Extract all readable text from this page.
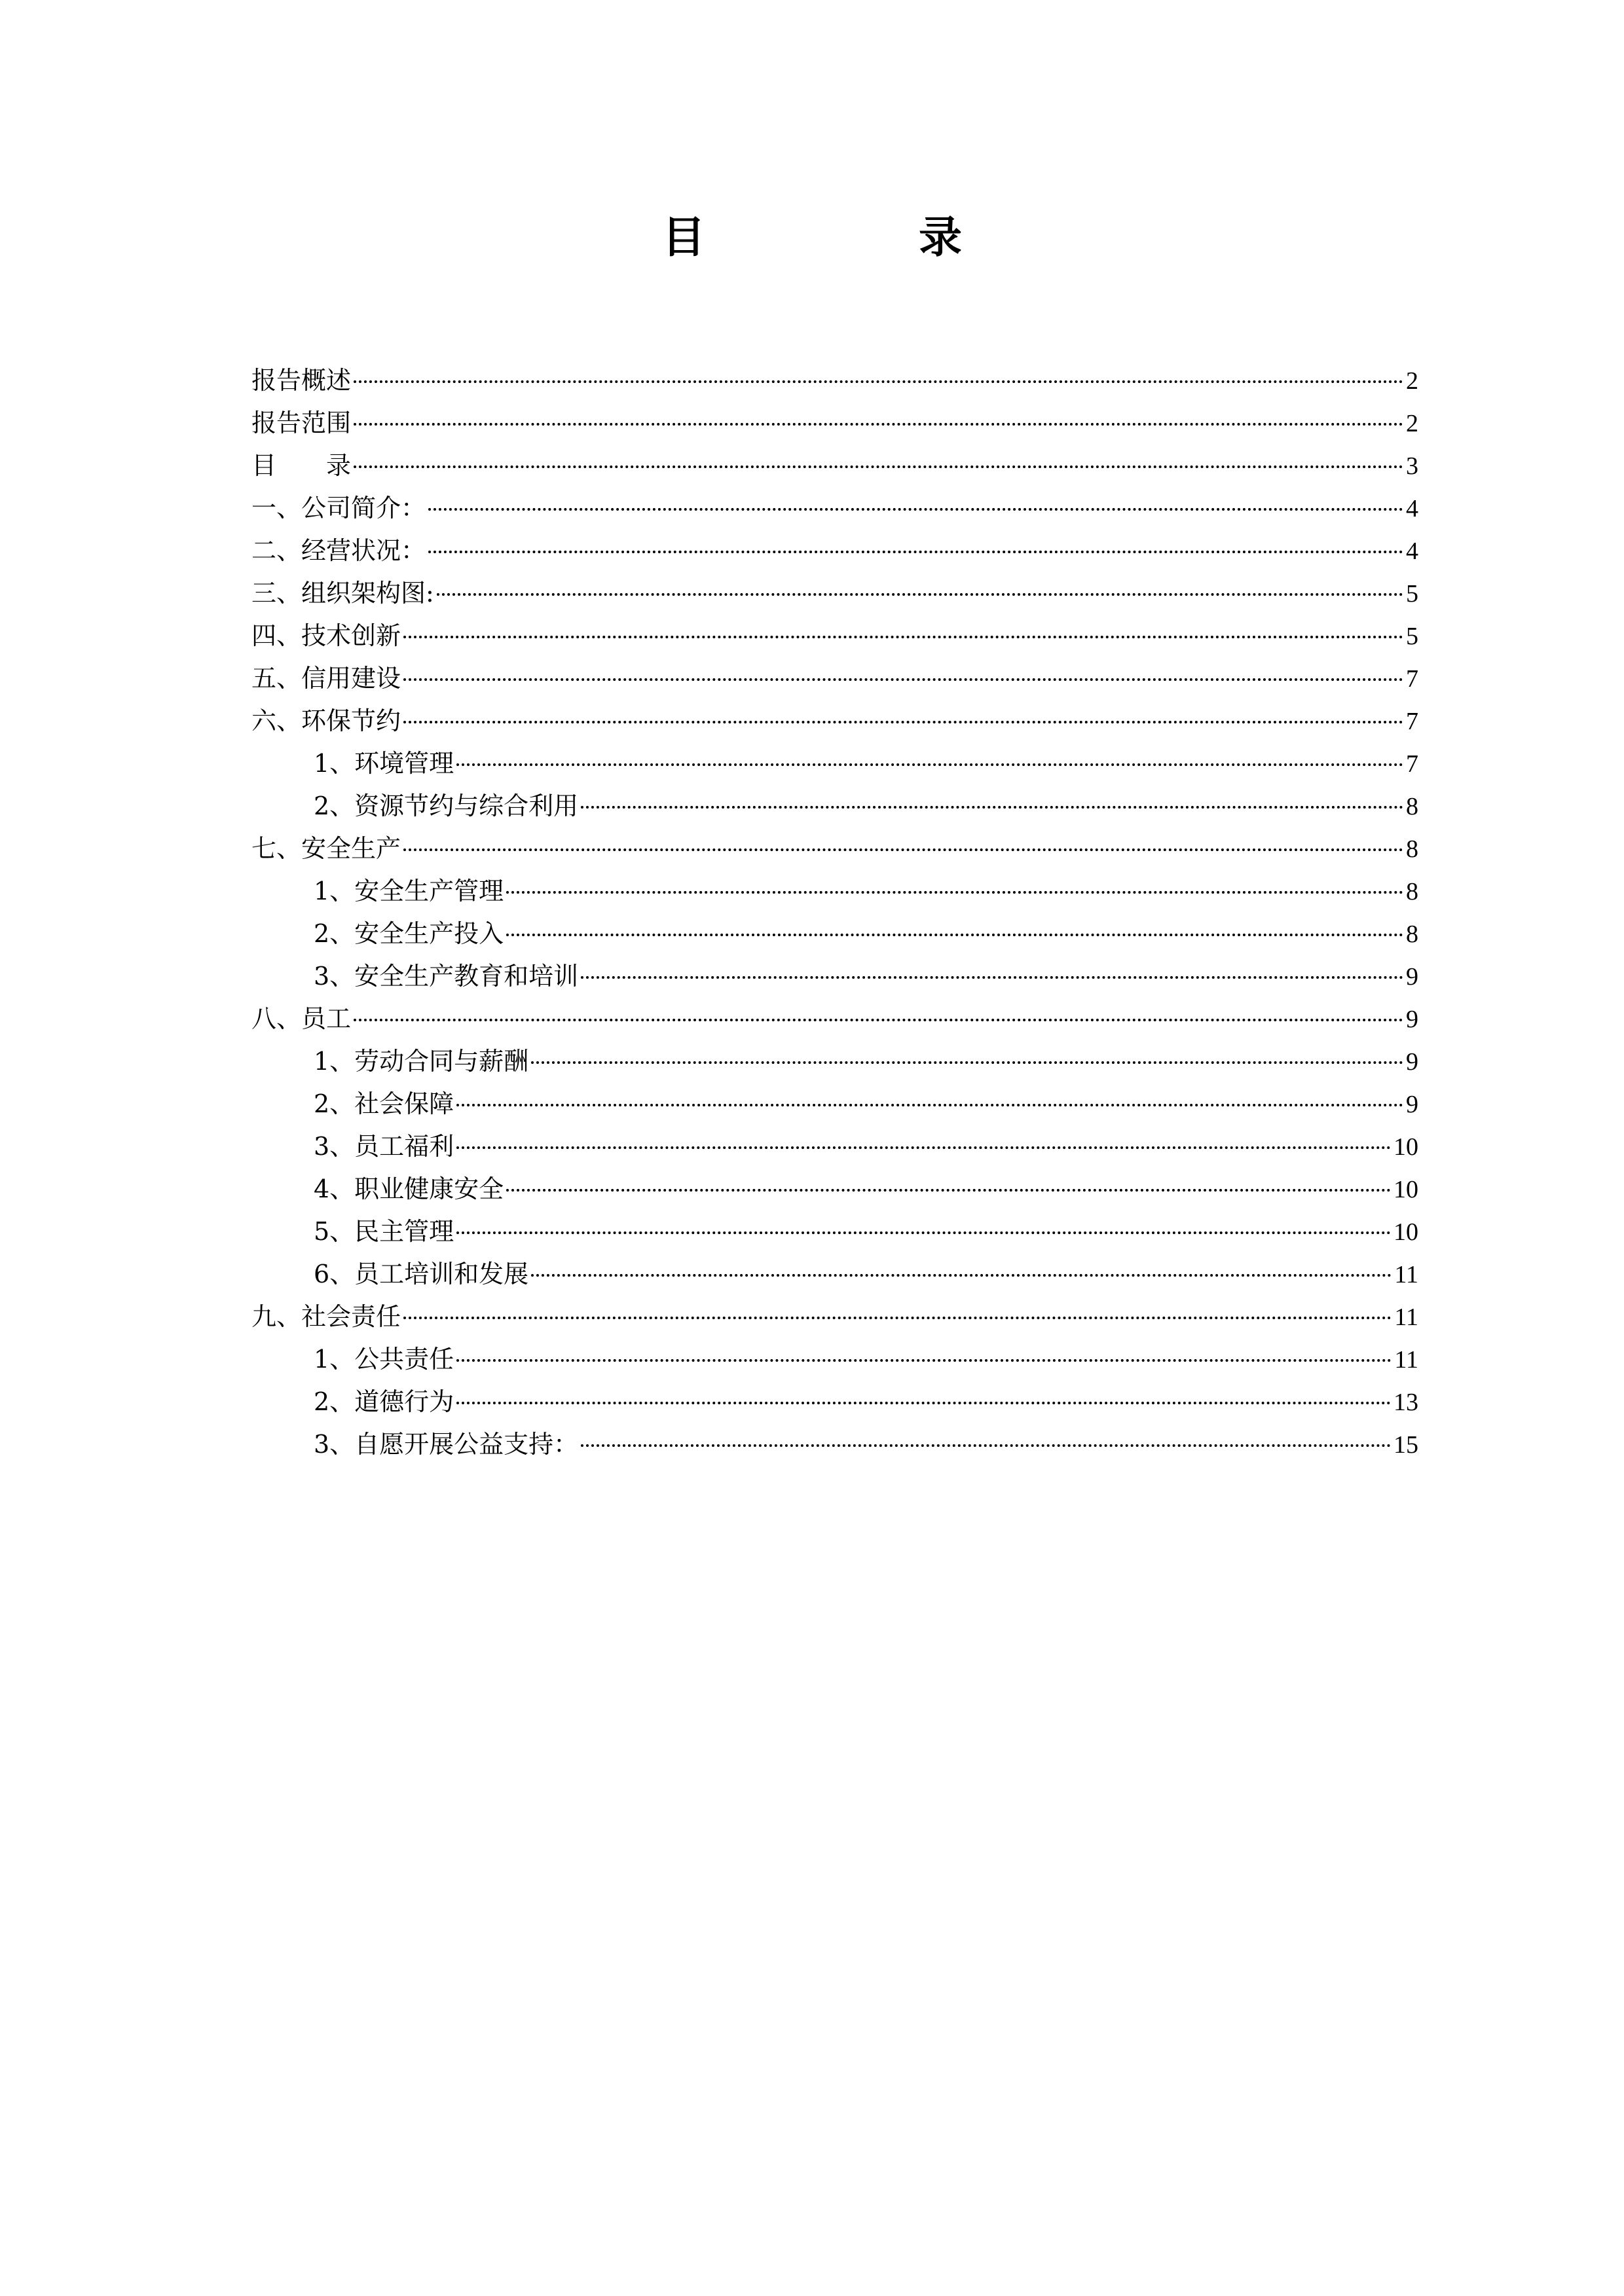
目　录
报告概述	2
报告范围	2
目　　录	3
一、公司简介：	4
二、经营状况：	4
三、组织架构图:	5
四、技术创新	5
五、信用建设	7
六、环保节约	7
1、环境管理	7
2、资源节约与综合利用	8
七、安全生产	8
1、安全生产管理	8
2、安全生产投入	8
3、安全生产教育和培训	9
八、员工	9
1、劳动合同与薪酬	9
2、社会保障	9
3、员工福利	10
4、职业健康安全	10
5、民主管理	10
6、员工培训和发展	11
九、社会责任	11
1、公共责任	11
2、道德行为	13
3、自愿开展公益支持：	15
